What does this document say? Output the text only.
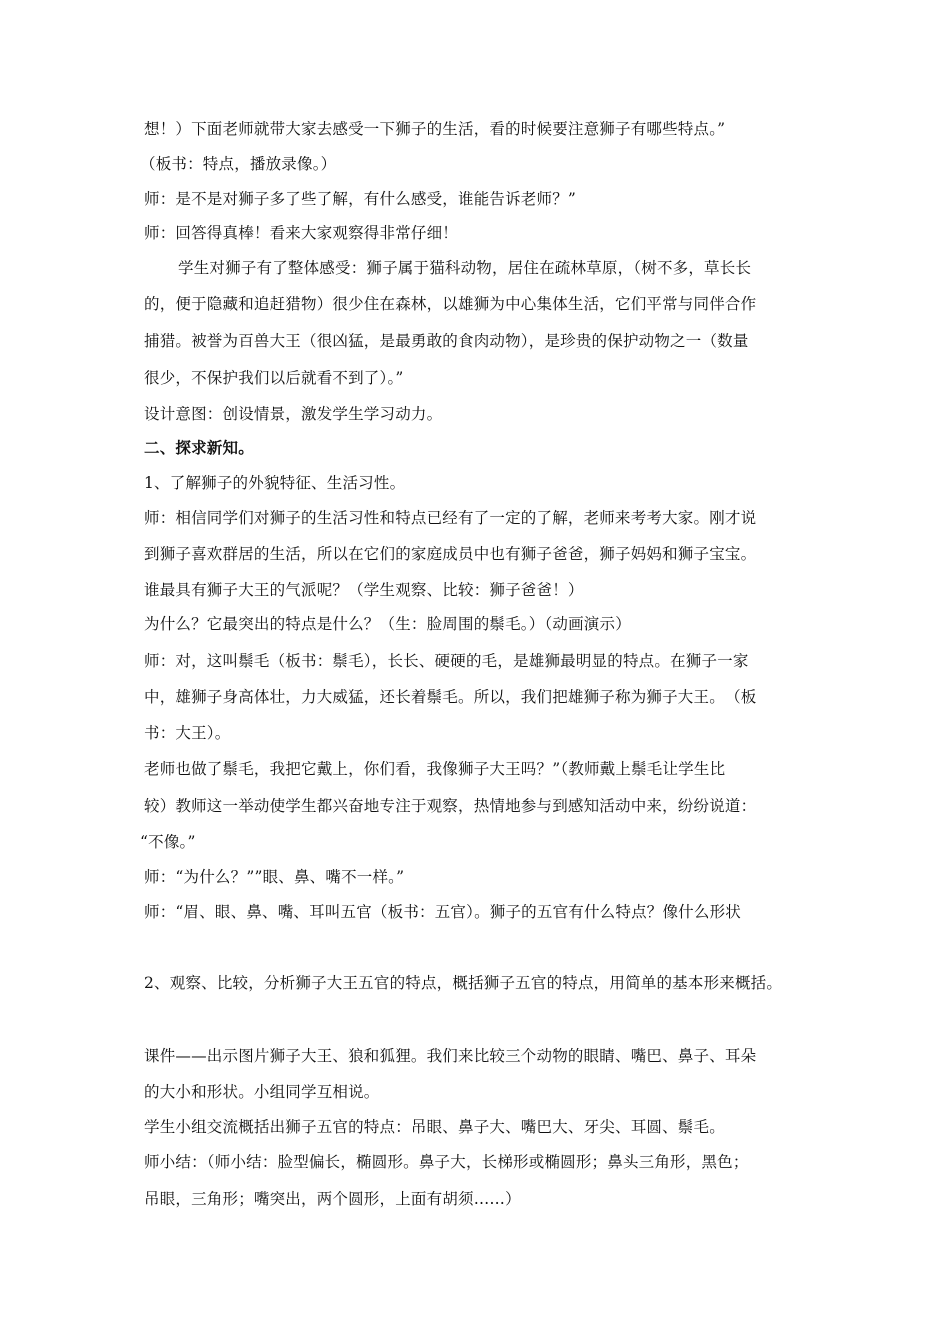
想！）下面老师就带大家去感受一下狮子的生活，看的时候要注意狮子有哪些特点。”
（板书：特点，播放录像。）
师：是不是对狮子多了些了解，有什么感受，谁能告诉老师？”
师：回答得真棒！看来大家观察得非常仔细！
学生对狮子有了整体感受：狮子属于猫科动物，居住在疏林草原，（树不多，草长长
的，便于隐藏和追赶猎物）很少住在森林，以雄狮为中心集体生活，它们平常与同伴合作
捕猎。被誉为百兽大王（很凶猛，是最勇敢的食肉动物），是珍贵的保护动物之一（数量
很少，不保护我们以后就看不到了）。”
设计意图：创设情景，激发学生学习动力。
二、探求新知。
1、了解狮子的外貌特征、生活习性。
师：相信同学们对狮子的生活习性和特点已经有了一定的了解，老师来考考大家。刚才说
到狮子喜欢群居的生活，所以在它们的家庭成员中也有狮子爸爸，狮子妈妈和狮子宝宝。
谁最具有狮子大王的气派呢？（学生观察、比较：狮子爸爸！）
为什么？它最突出的特点是什么？（生：脸周围的鬃毛。）（动画演示）
师：对，这叫鬃毛（板书：鬃毛），长长、硬硬的毛，是雄狮最明显的特点。在狮子一家
中，雄狮子身高体壮，力大威猛，还长着鬃毛。所以，我们把雄狮子称为狮子大王。　（板
书：大王）。
老师也做了鬃毛，我把它戴上，你们看，我像狮子大王吗？”（教师戴上鬃毛让学生比
较）教师这一举动使学生都兴奋地专注于观察，热情地参与到感知活动中来，纷纷说道：
“不像。”
师：“为什么？””眼、鼻、嘴不一样。”
师：“眉、眼、鼻、嘴、耳叫五官（板书：五官）。狮子的五官有什么特点？像什么形状
2、观察、比较，分析狮子大王五官的特点，概括狮子五官的特点，用简单的基本形来概括。
课件——出示图片狮子大王、狼和狐狸。我们来比较三个动物的眼睛、嘴巴、鼻子、耳朵
的大小和形状。小组同学互相说。
学生小组交流概括出狮子五官的特点：吊眼、鼻子大、嘴巴大、牙尖、耳圆、鬃毛。
师小结：（师小结：脸型偏长，椭圆形。鼻子大，长梯形或椭圆形；鼻头三角形，黑色；
吊眼，三角形；嘴突出，两个圆形，上面有胡须……）
